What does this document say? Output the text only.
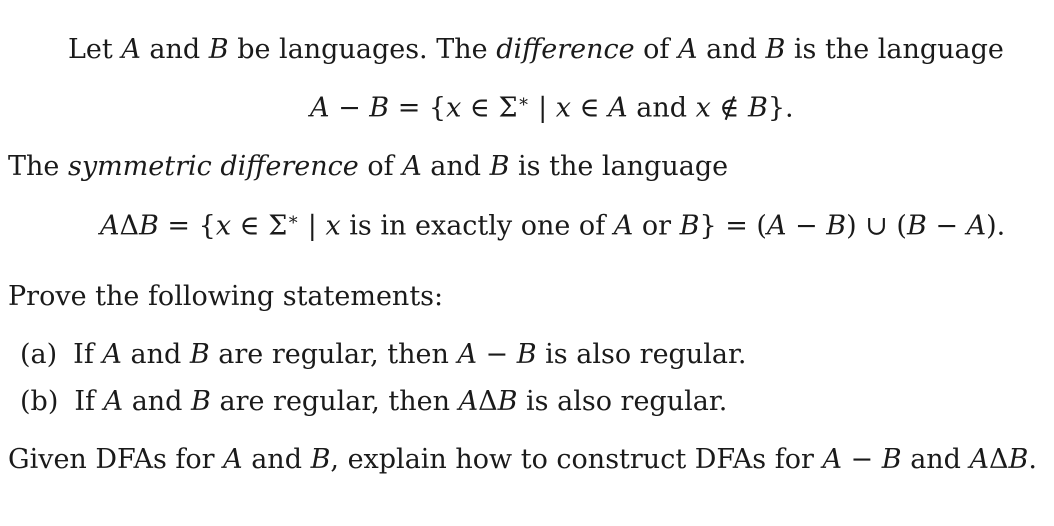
Let A and B be languages. The difference of A and B is the language
A − B = {x ∈ Σ∗ | x ∈ A and x ∉ B}.
The symmetric difference of A and B is the language
AΔB = {x ∈ Σ∗ | x is in exactly one of A or B} = (A − B) ∪ (B − A).
Prove the following statements:
(a) If A and B are regular, then A − B is also regular.
(b) If A and B are regular, then AΔB is also regular.
Given DFAs for A and B, explain how to construct DFAs for A − B and AΔB.
